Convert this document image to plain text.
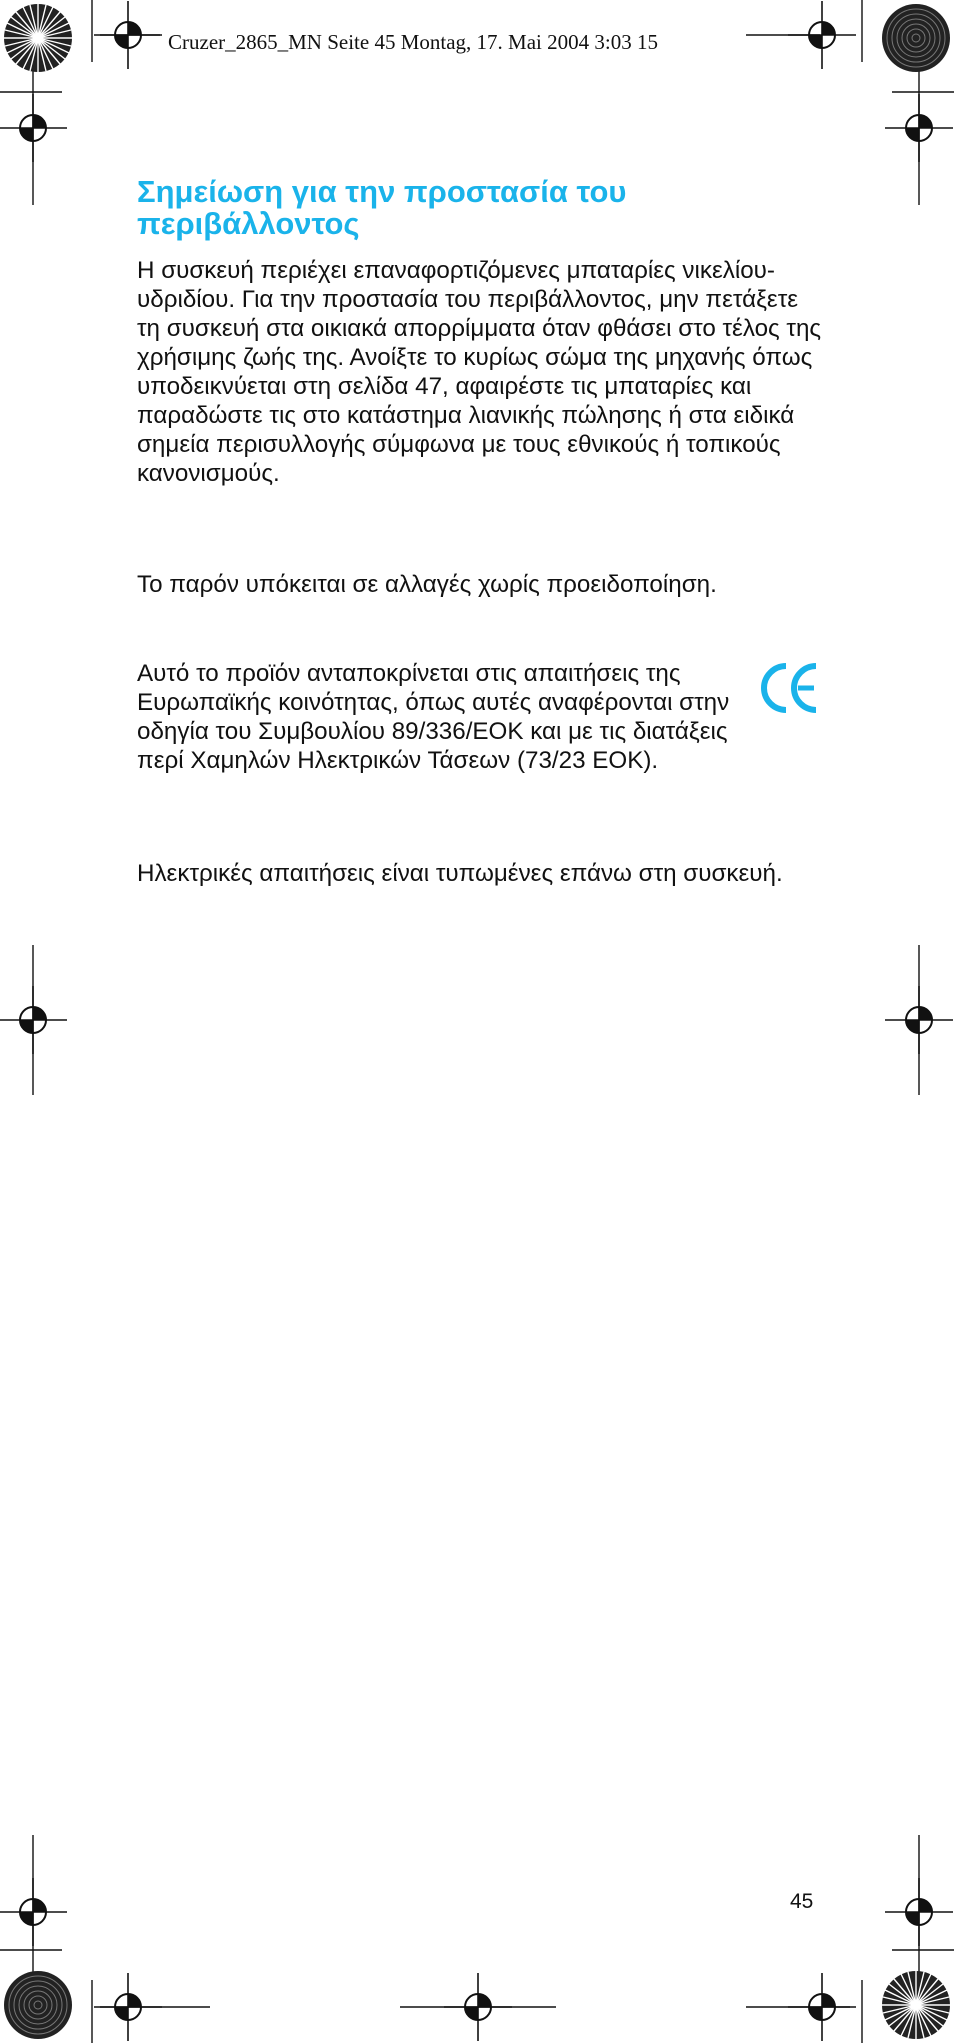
Cruzer_2865_MN Seite 45 Montag, 17. Mai 2004 3:03 15
Σημείωση για την προστασία του περιβάλλοντος

Η συσκευή περιέχει επαναφορτιζόμενες μπαταρίες νικελίου-υδριδίου. Για την προστασία του περιβάλλοντος, μην πετάξετε τη συσκευή στα οικιακά απορρίμματα όταν φθάσει στο τέλος της χρήσιμης ζωής της. Ανοίξτε το κυρίως σώμα της μηχανής όπως υποδεικνύεται στη σελίδα 47, αφαιρέστε τις μπαταρίες και παραδώστε τις στο κατάστημα λιανικής πώλησης ή στα ειδικά σημεία περισυλλογής σύμφωνα με τους εθνικούς ή τοπικούς κανονισμούς.

Το παρόν υπόκειται σε αλλαγές χωρίς προειδοποίηση.

Αυτό το προϊόν ανταποκρίνεται στις απαιτήσεις της Ευρωπαϊκής κοινότητας, όπως αυτές αναφέρονται στην οδηγία του Συμβουλίου 89/336/ΕΟΚ και με τις διατάξεις περί Χαμηλών Ηλεκτρικών Τάσεων (73/23 ΕΟΚ).

Ηλεκτρικές απαιτήσεις είναι τυπωμένες επάνω στη συσκευή.

45
